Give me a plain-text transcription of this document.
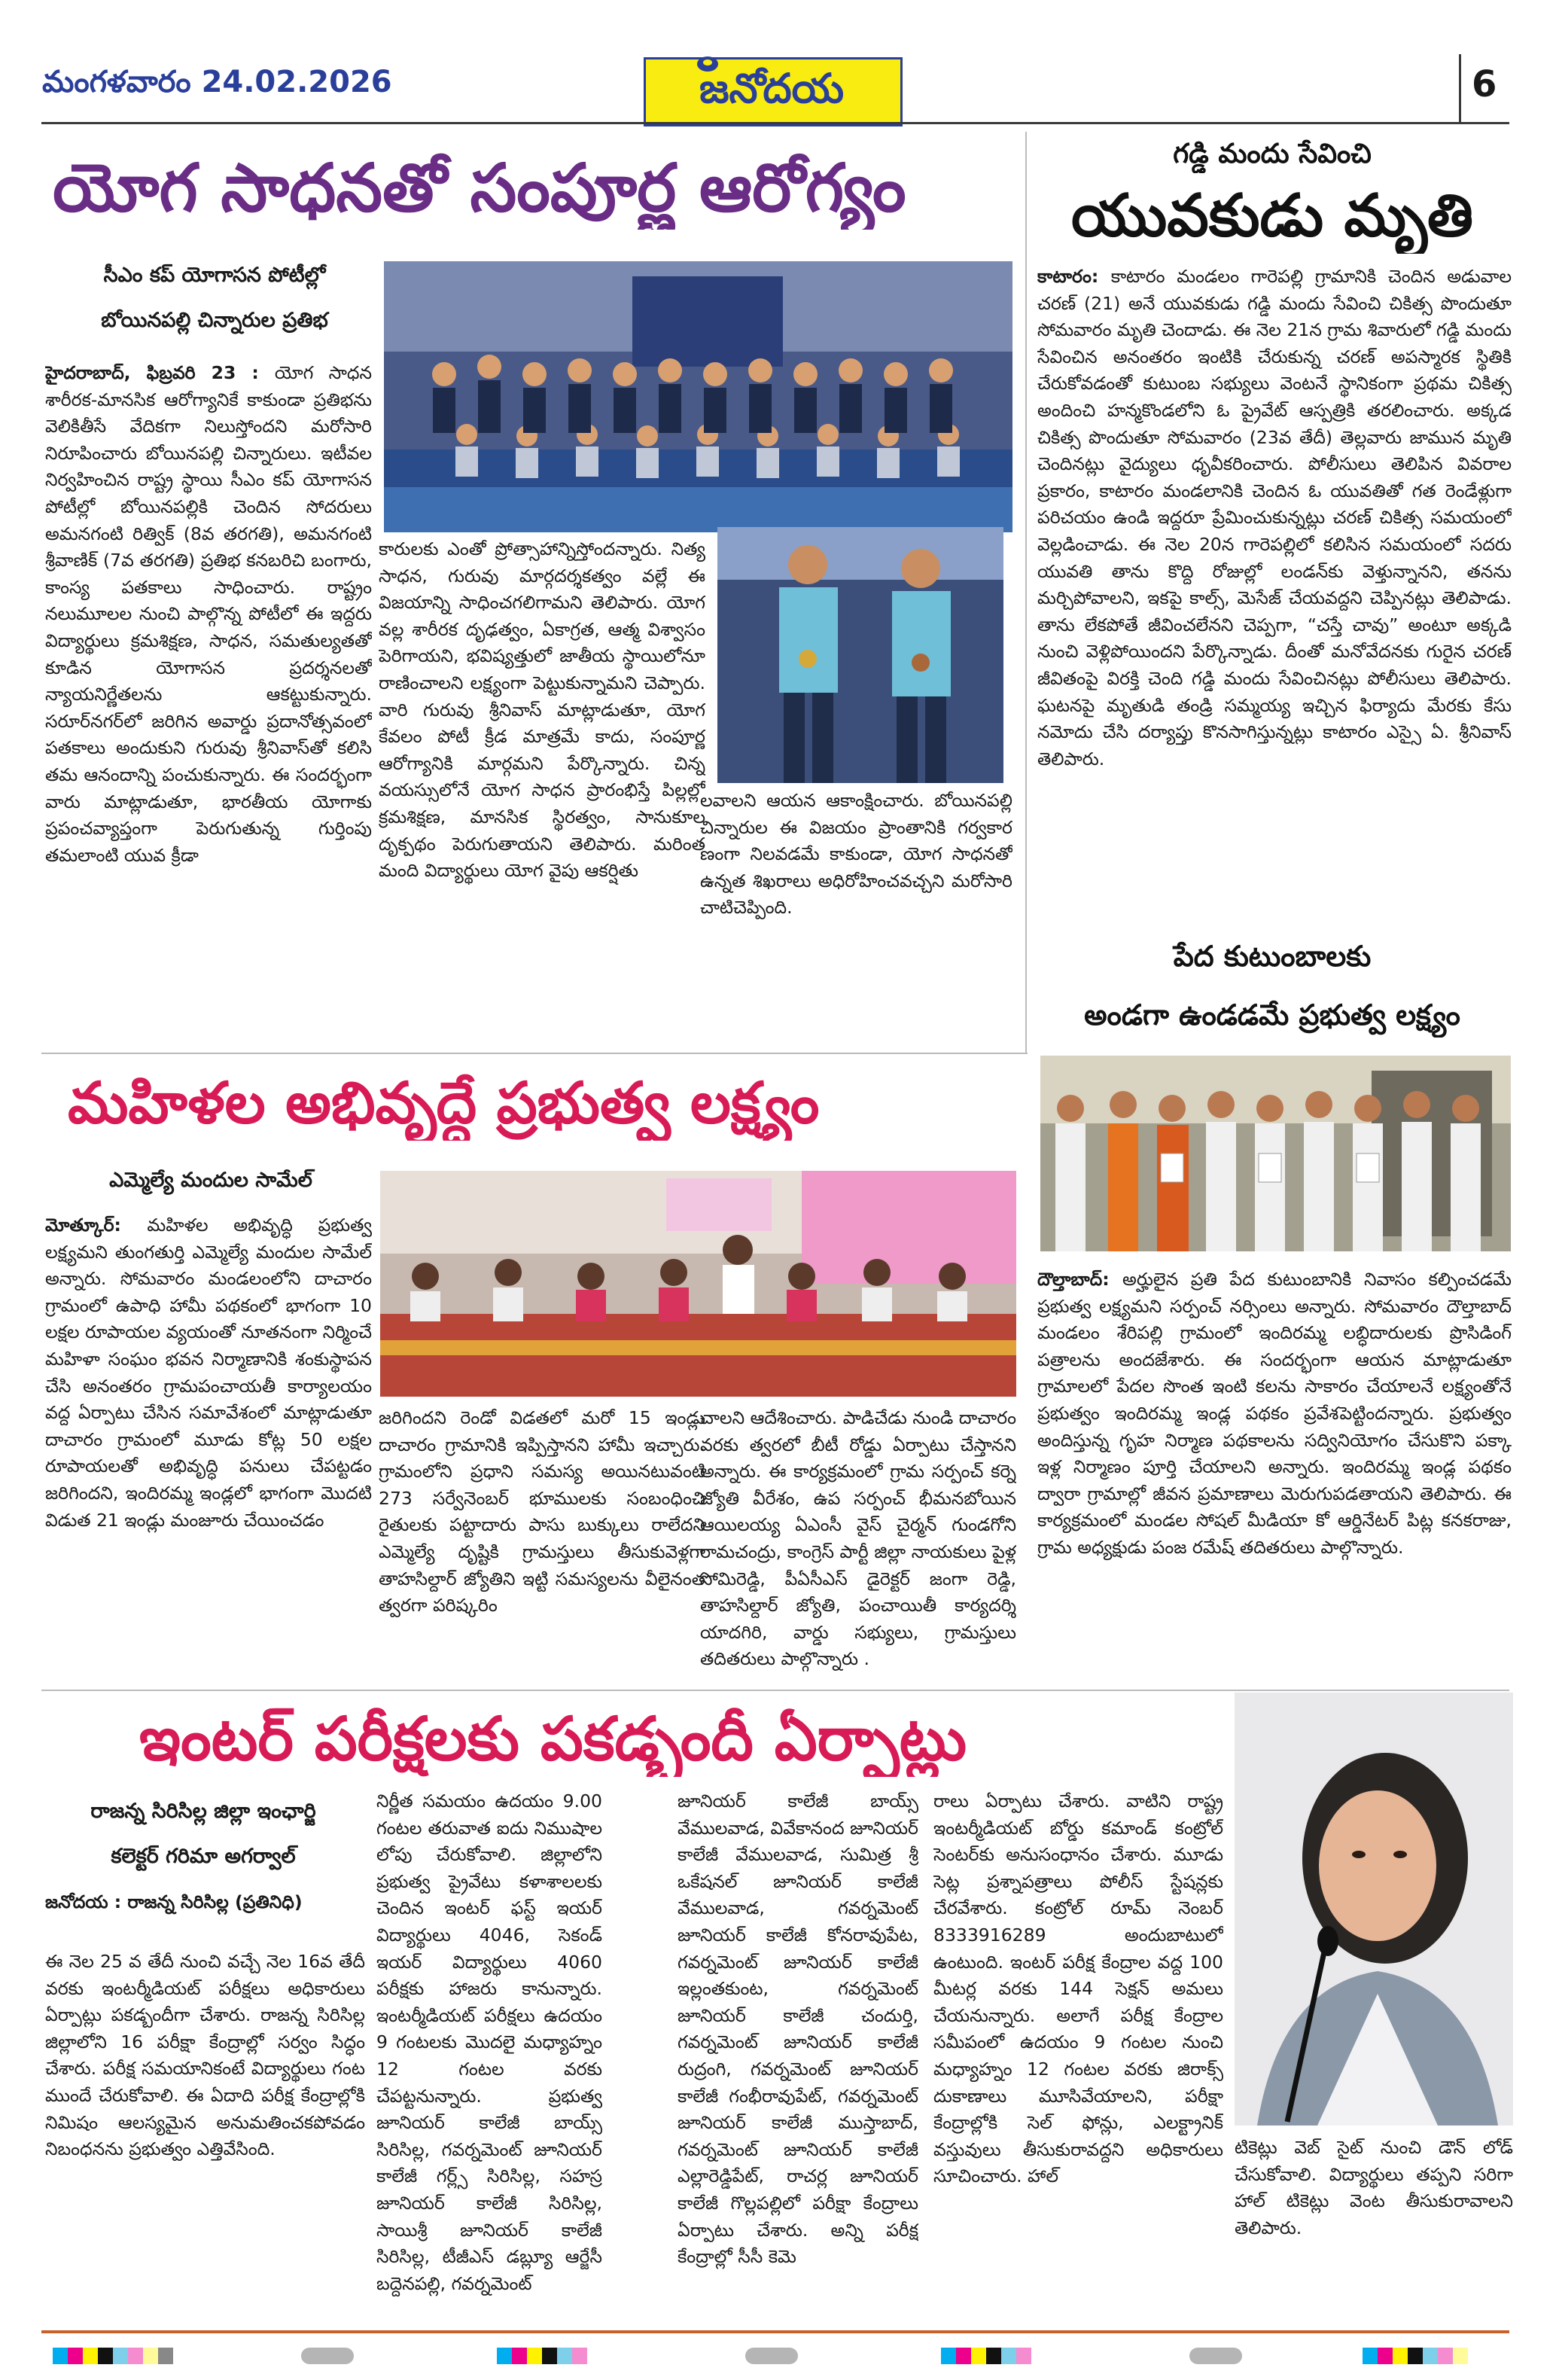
మంగళవారం 24.02.2026	జనోదయ	6
యోగ సాధనతో సంపూర్ణ ఆరోగ్యం
సీఎం కప్ యోగాసన పోటీల్లో
బోయినపల్లి చిన్నారుల ప్రతిభ
హైదరాబాద్, ఫిబ్రవరి 23 : యోగ సాధన శారీరక-మానసిక ఆరోగ్యానికే కాకుండా ప్రతిభను వెలికితీసే వేదికగా నిలుస్తోందని మరోసారి నిరూపించారు బోయినపల్లి చిన్నారులు. ఇటీవల నిర్వహించిన రాష్ట్ర స్థాయి సీఎం కప్ యోగాసన పోటీల్లో బోయినపల్లికి చెందిన సోదరులు అమనగంటి రిత్విక్ (8వ తరగతి), అమనగంటి శ్రీవాణిక్ (7వ తరగతి) ప్రతిభ కనబరిచి బంగారు, కాంస్య పతకాలు సాధించారు. రాష్ట్రం నలుమూలల నుంచి పాల్గొన్న పోటీలో ఈ ఇద్దరు విద్యార్థులు క్రమశిక్షణ, సాధన, సమతుల్యతతో కూడిన యోగాసన ప్రదర్శనలతో న్యాయనిర్ణేతలను ఆకట్టుకున్నారు. సరూర్‌నగర్‌లో జరిగిన అవార్డు ప్రదానోత్సవంలో పతకాలు అందుకుని గురువు శ్రీనివాస్‌తో కలిసి తమ ఆనందాన్ని పంచుకున్నారు. ఈ సందర్భంగా వారు మాట్లాడుతూ, భారతీయ యోగాకు ప్రపంచవ్యాప్తంగా పెరుగుతున్న గుర్తింపు తమలాంటి యువ క్రీడా
కారులకు ఎంతో ప్రోత్సాహాన్నిస్తోందన్నారు. నిత్య సాధన, గురువు మార్గదర్శకత్వం వల్లే ఈ విజయాన్ని సాధించగలిగామని తెలిపారు. యోగ వల్ల శారీరక దృఢత్వం, ఏకాగ్రత, ఆత్మ విశ్వాసం పెరిగాయని, భవిష్యత్తులో జాతీయ స్థాయిలోనూ రాణించాలని లక్ష్యంగా పెట్టుకున్నామని చెప్పారు. వారి గురువు శ్రీనివాస్ మాట్లాడుతూ, యోగ కేవలం పోటీ క్రీడ మాత్రమే కాదు, సంపూర్ణ ఆరోగ్యానికి మార్గమని పేర్కొన్నారు. చిన్న వయస్సులోనే యోగ సాధన ప్రారంభిస్తే పిల్లల్లో క్రమశిక్షణ, మానసిక స్థిరత్వం, సానుకూల దృక్పథం పెరుగుతాయని తెలిపారు. మరింత మంది విద్యార్థులు యోగ వైపు ఆకర్షితు
లవాలని ఆయన ఆకాంక్షించారు. బోయినపల్లి చిన్నారుల ఈ విజయం ప్రాంతానికి గర్వకార ణంగా నిలవడమే కాకుండా, యోగ సాధనతో ఉన్నత శిఖరాలు అధిరోహించవచ్చని మరోసారి చాటిచెప్పింది.
గడ్డి మందు సేవించి
యువకుడు మృతి
కాటారం: కాటారం మండలం గారెపల్లి గ్రామానికి చెందిన అడువాల చరణ్ (21) అనే యువకుడు గడ్డి మందు సేవించి చికిత్స పొందుతూ సోమవారం మృతి చెందాడు. ఈ నెల 21న గ్రామ శివారులో గడ్డి మందు సేవించిన అనంతరం ఇంటికి చేరుకున్న చరణ్ అపస్మారక స్థితికి చేరుకోవడంతో కుటుంబ సభ్యులు వెంటనే స్థానికంగా ప్రథమ చికిత్స అందించి హన్మకొండలోని ఓ ప్రైవేట్ ఆస్పత్రికి తరలించారు. అక్కడ చికిత్స పొందుతూ సోమవారం (23వ తేదీ) తెల్లవారు జామున మృతి చెందినట్లు వైద్యులు ధృవీకరించారు. పోలీసులు తెలిపిన వివరాల ప్రకారం, కాటారం మండలానికి చెందిన ఓ యువతితో గత రెండేళ్లుగా పరిచయం ఉండి ఇద్దరూ ప్రేమించుకున్నట్లు చరణ్ చికిత్స సమయంలో వెల్లడించాడు. ఈ నెల 20న గారెపల్లిలో కలిసిన సమయంలో సదరు యువతి తాను కొద్ది రోజుల్లో లండన్‌కు వెళ్తున్నానని, తనను మర్చిపోవాలని, ఇకపై కాల్స్, మెసేజ్ చేయవద్దని చెప్పినట్లు తెలిపాడు. తాను లేకపోతే జీవించలేనని చెప్పగా, “చస్తే చావు” అంటూ అక్కడి నుంచి వెళ్లిపోయిందని పేర్కొన్నాడు. దీంతో మనోవేదనకు గురైన చరణ్ జీవితంపై విరక్తి చెంది గడ్డి మందు సేవించినట్లు పోలీసులు తెలిపారు. ఘటనపై మృతుడి తండ్రి సమ్మయ్య ఇచ్చిన ఫిర్యాదు మేరకు కేసు నమోదు చేసి దర్యాప్తు కొనసాగిస్తున్నట్లు కాటారం ఎస్సై ఏ. శ్రీనివాస్ తెలిపారు.
పేద కుటుంబాలకు
అండగా ఉండడమే ప్రభుత్వ లక్ష్యం
దౌల్తాబాద్: అర్హులైన ప్రతి పేద కుటుంబానికి నివాసం కల్పించడమే ప్రభుత్వ లక్ష్యమని సర్పంచ్ నర్సింలు అన్నారు. సోమవారం దౌల్తాబాద్ మండలం శేరిపల్లి గ్రామంలో ఇందిరమ్మ లబ్ధిదారులకు ప్రొసిడింగ్ పత్రాలను అందజేశారు. ఈ సందర్భంగా ఆయన మాట్లాడుతూ గ్రామాలలో పేదల సొంత ఇంటి కలను సాకారం చేయాలనే లక్ష్యంతోనే ప్రభుత్వం ఇందిరమ్మ ఇండ్ల పథకం ప్రవేశపెట్టిందన్నారు. ప్రభుత్వం అందిస్తున్న గృహ నిర్మాణ పథకాలను సద్వినియోగం చేసుకొని పక్కా ఇళ్ల నిర్మాణం పూర్తి చేయాలని అన్నారు. ఇందిరమ్మ ఇండ్ల పథకం ద్వారా గ్రామాల్లో జీవన ప్రమాణాలు మెరుగుపడతాయని తెలిపారు. ఈ కార్యక్రమంలో మండల సోషల్ మీడియా కో ఆర్డినేటర్ పిట్ల కనకరాజు, గ్రామ అధ్యక్షుడు పంజ రమేష్ తదితరులు పాల్గొన్నారు.
మహిళల అభివృద్ధే ప్రభుత్వ లక్ష్యం
ఎమ్మెల్యే మందుల సామేల్
మోత్కూర్: మహిళల అభివృద్ధి ప్రభుత్వ లక్ష్యమని తుంగతుర్తి ఎమ్మెల్యే మందుల సామేల్ అన్నారు. సోమవారం మండలంలోని దాచారం గ్రామంలో ఉపాధి హామీ పథకంలో భాగంగా 10 లక్షల రూపాయల వ్యయంతో నూతనంగా నిర్మించే మహిళా సంఘం భవన నిర్మాణానికి శంకుస్థాపన చేసి అనంతరం గ్రామపంచాయతీ కార్యాలయం వద్ద ఏర్పాటు చేసిన సమావేశంలో మాట్లాడుతూ దాచారం గ్రామంలో మూడు కోట్ల 50 లక్షల రూపాయలతో అభివృద్ధి పనులు చేపట్టడం జరిగిందని, ఇందిరమ్మ ఇండ్లలో భాగంగా మొదటి విడుత 21 ఇండ్లు మంజూరు చేయించడం
జరిగిందని రెండో విడతలో మరో 15 ఇండ్లు దాచారం గ్రామానికి ఇప్పిస్తానని హామీ ఇచ్చారు. గ్రామంలోని ప్రధాని సమస్య అయినటువంటి 273 సర్వేనెంబర్ భూములకు సంబంధించి రైతులకు పట్టాదారు పాసు బుక్కులు రాలేదని ఎమ్మెల్యే దృష్టికి గ్రామస్తులు తీసుకువెళ్లగా తాహసిల్దార్ జ్యోతిని ఇట్టి సమస్యలను వీలైనంత త్వరగా పరిష్కరిం
చాలని ఆదేశించారు. పాడిచేడు నుండి దాచారం వరకు త్వరలో బీటీ రోడ్డు ఏర్పాటు చేస్తానని అన్నారు. ఈ కార్యక్రమంలో గ్రామ సర్పంచ్ కర్నె జ్యోతి వీరేశం, ఉప సర్పంచ్ భీమనబోయిన ఆయిలయ్య ఏఎంసీ వైస్ చైర్మన్ గుండగోని రామచంద్రు, కాంగ్రెస్ పార్టీ జిల్లా నాయకులు పైళ్ల సోమిరెడ్డి, పీఏసీఎస్ డైరెక్టర్ జంగా రెడ్డి, తాహసిల్దార్ జ్యోతి, పంచాయితీ కార్యదర్శి యాదగిరి, వార్డు సభ్యులు, గ్రామస్తులు తదితరులు పాల్గొన్నారు .
ఇంటర్ పరీక్షలకు పకడ్బందీ ఏర్పాట్లు
రాజన్న సిరిసిల్ల జిల్లా ఇంఛార్జి
కలెక్టర్ గరిమా అగర్వాల్
జనోదయ : రాజన్న సిరిసిల్ల (ప్రతినిధి)
ఈ నెల 25 వ తేదీ నుంచి వచ్చే నెల 16వ తేదీ వరకు ఇంటర్మీడియట్ పరీక్షలు అధికారులు ఏర్పాట్లు పకడ్బందీగా చేశారు. రాజన్న సిరిసిల్ల జిల్లాలోని 16 పరీక్షా కేంద్రాల్లో సర్వం సిద్ధం చేశారు. పరీక్ష సమయానికంటే విద్యార్థులు గంట ముందే చేరుకోవాలి. ఈ ఏదాది పరీక్ష కేంద్రాల్లోకి నిమిషం ఆలస్యమైన అనుమతించకపోవడం నిబంధనను ప్రభుత్వం ఎత్తివేసింది.
నిర్ణీత సమయం ఉదయం 9.00 గంటల తరువాత ఐదు నిముషాల లోపు చేరుకోవాలి. జిల్లాలోని ప్రభుత్వ ప్రైవేటు కళాశాలలకు చెందిన ఇంటర్ ఫస్ట్ ఇయర్ విద్యార్థులు 4046, సెకండ్ ఇయర్ విద్యార్థులు 4060 పరీక్షకు హాజరు కానున్నారు. ఇంటర్మీడియట్ పరీక్షలు ఉదయం 9 గంటలకు మొదలై మధ్యాహ్నం 12 గంటల వరకు చేపట్టనున్నారు. ప్రభుత్వ జూనియర్ కాలేజీ బాయ్స్ సిరిసిల్ల, గవర్నమెంట్ జూనియర్ కాలేజీ గర్ల్స్ సిరిసిల్ల, సహస్ర జూనియర్ కాలేజీ సిరిసిల్ల, సాయిశ్రీ జూనియర్ కాలేజీ సిరిసిల్ల, టీజీఎస్ డబ్ల్యూ ఆర్జేసీ బద్దెనపల్లి, గవర్నమెంట్
జూనియర్ కాలేజీ బాయ్స్ వేములవాడ, వివేకానంద జూనియర్ కాలేజీ వేములవాడ, సుమిత్ర శ్రీ ఒకేషనల్ జూనియర్ కాలేజీ వేములవాడ, గవర్నమెంట్ జూనియర్ కాలేజీ కోనరావుపేట, గవర్నమెంట్ జూనియర్ కాలేజీ ఇల్లంతకుంట, గవర్నమెంట్ జూనియర్ కాలేజీ చందుర్తి, గవర్నమెంట్ జూనియర్ కాలేజీ రుద్రంగి, గవర్నమెంట్ జూనియర్ కాలేజీ గంభీరావుపేట్, గవర్నమెంట్ జూనియర్ కాలేజీ ముస్తాబాద్, గవర్నమెంట్ జూనియర్ కాలేజీ ఎల్లారెడ్డిపేట్, రాచర్ల జూనియర్ కాలేజీ గొల్లపల్లిలో పరీక్షా కేంద్రాలు ఏర్పాటు చేశారు. అన్ని పరీక్ష కేంద్రాల్లో సీసీ కెమె
రాలు ఏర్పాటు చేశారు. వాటిని రాష్ట్ర ఇంటర్మీడియట్ బోర్డు కమాండ్ కంట్రోల్ సెంటర్‌కు అనుసంధానం చేశారు. మూడు సెట్ల ప్రశ్నాపత్రాలు పోలీస్ స్టేషన్లకు చేరవేశారు. కంట్రోల్ రూమ్ నెంబర్ 8333916289 అందుబాటులో ఉంటుంది. ఇంటర్ పరీక్ష కేంద్రాల వద్ద 100 మీటర్ల వరకు 144 సెక్షన్ అమలు చేయనున్నారు. అలాగే పరీక్ష కేంద్రాల సమీపంలో ఉదయం 9 గంటల నుంచి మధ్యాహ్నం 12 గంటల వరకు జిరాక్స్ దుకాణాలు మూసివేయాలని, పరీక్షా కేంద్రాల్లోకి సెల్ ఫోన్లు, ఎలక్ట్రానిక్ వస్తువులు తీసుకురావద్దని అధికారులు సూచించారు. హాల్
టికెట్లు వెబ్ సైట్ నుంచి డౌన్ లోడ్ చేసుకోవాలి. విద్యార్థులు తప్పని సరిగా హాల్ టికెట్లు వెంట తీసుకురావాలని తెలిపారు.
